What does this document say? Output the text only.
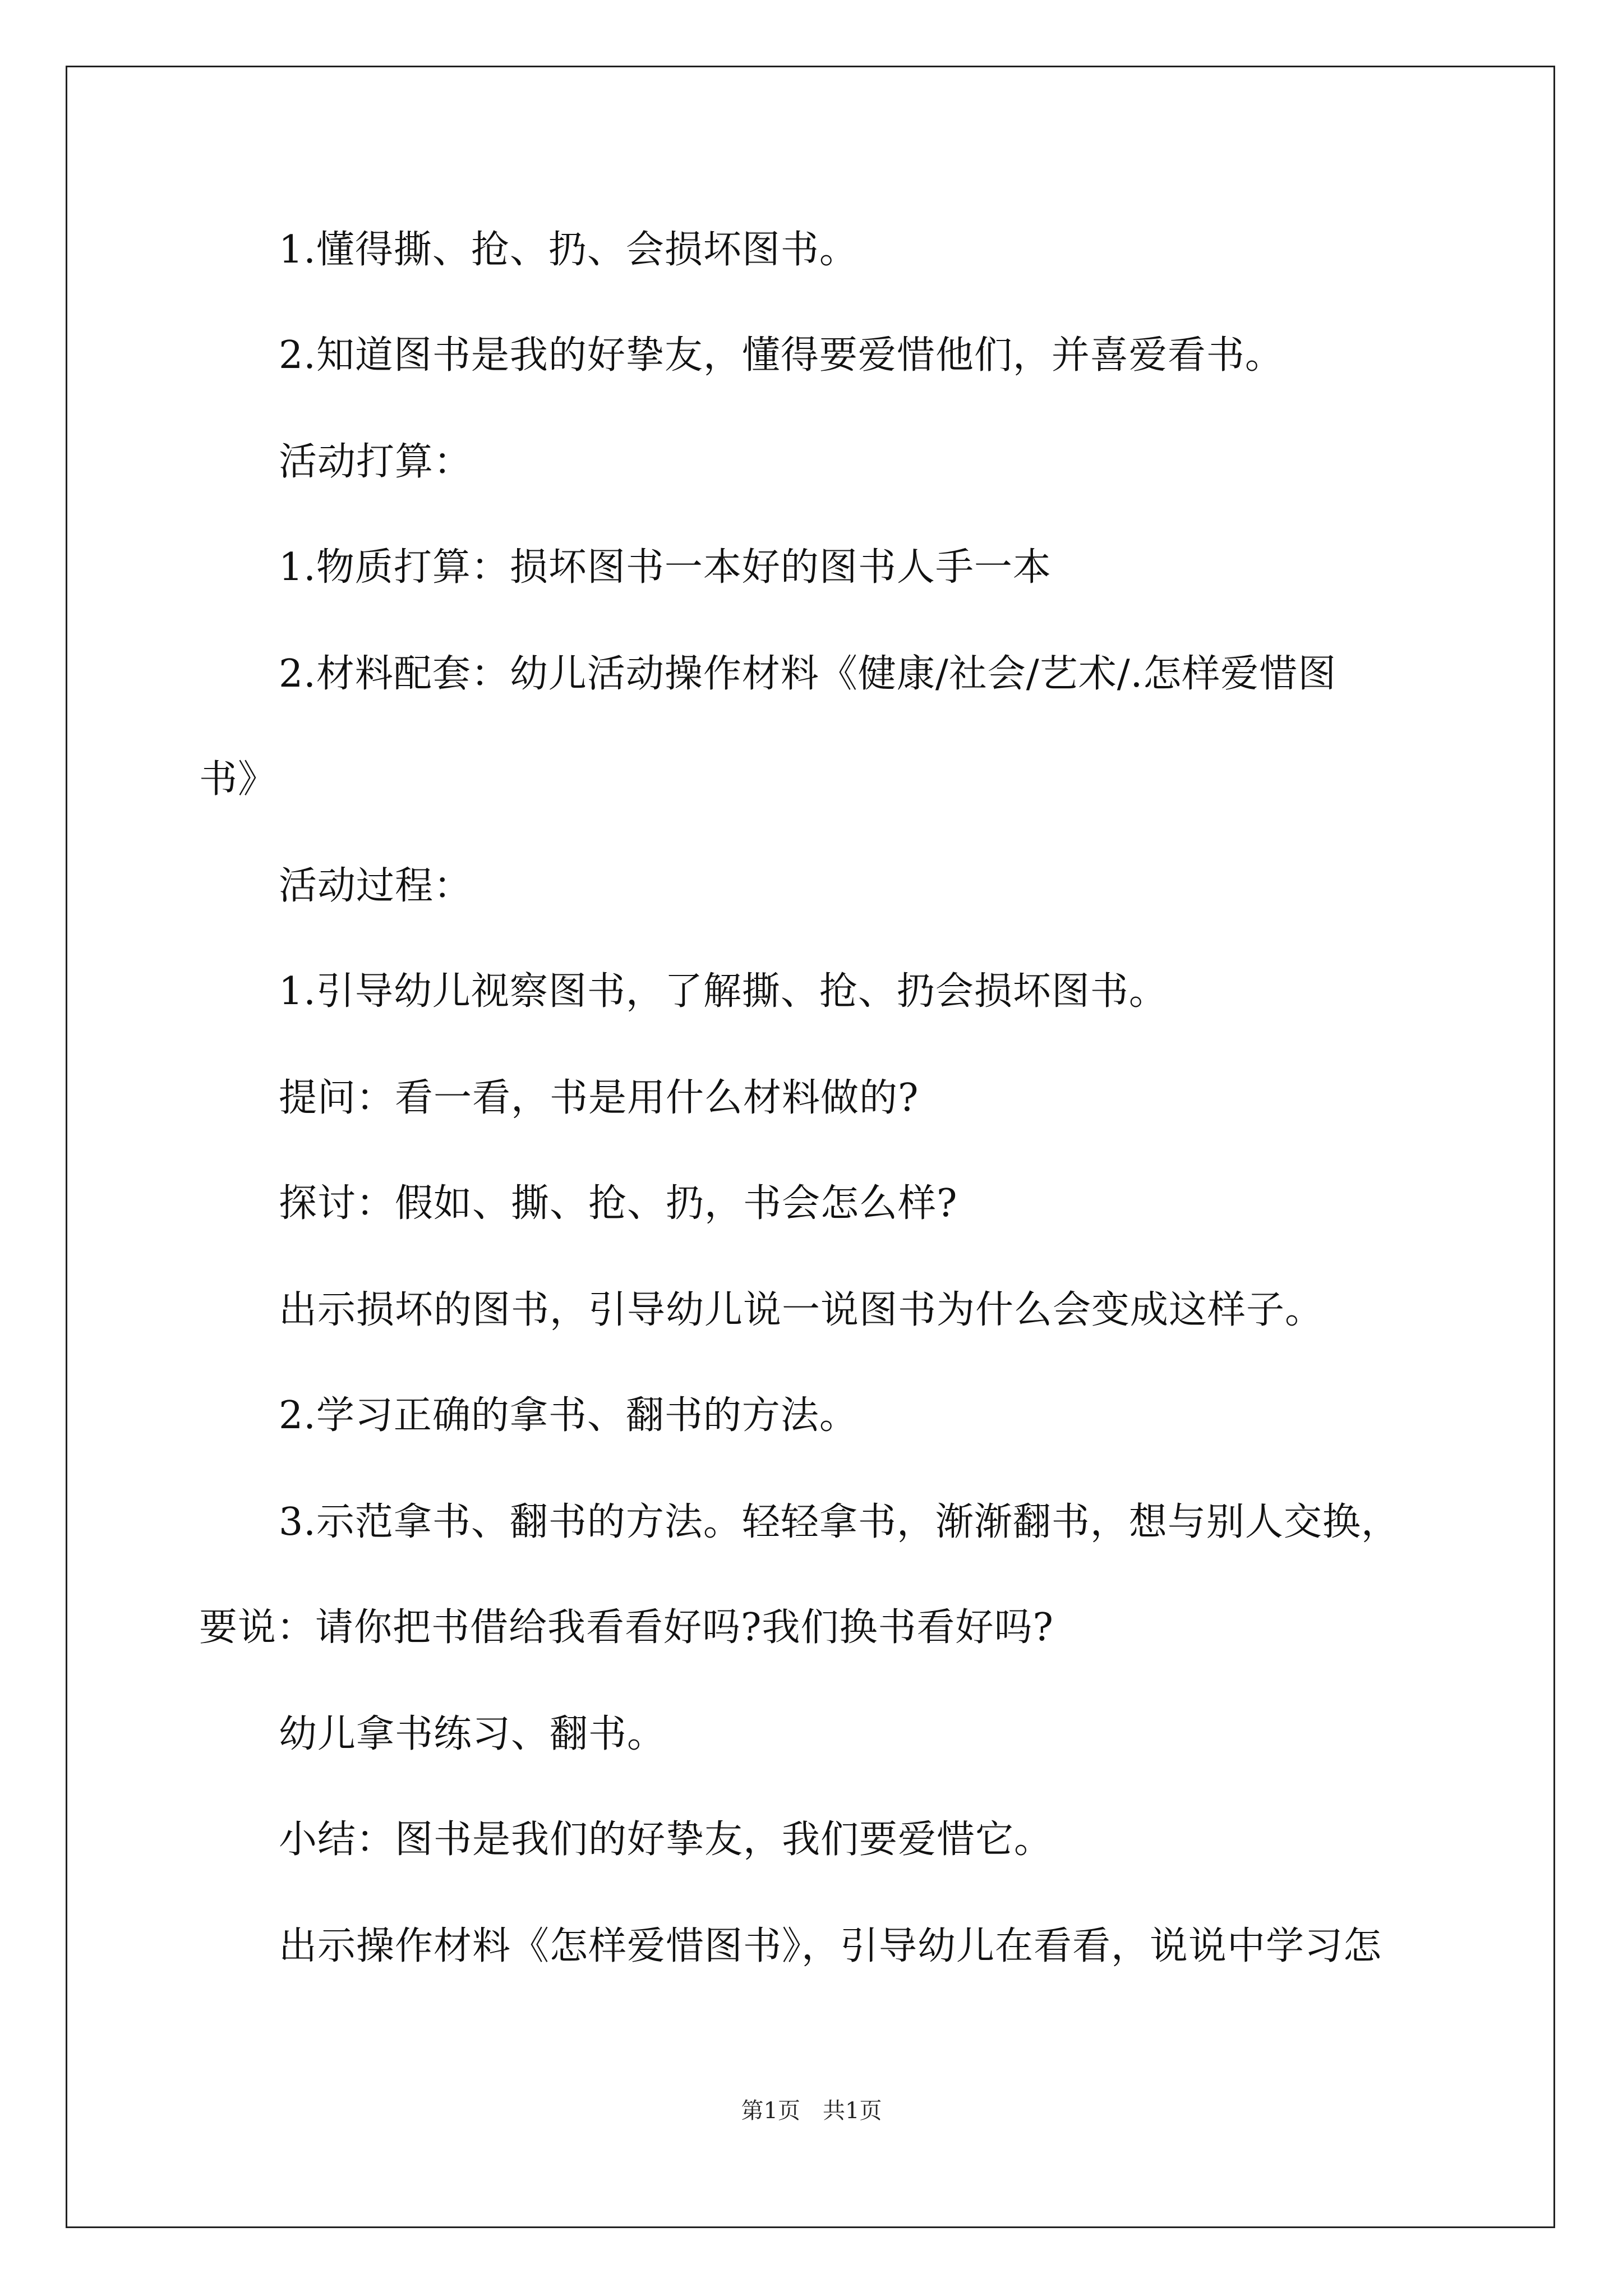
1.懂得撕、抢、扔、会损坏图书。

2.知道图书是我的好挚友，懂得要爱惜他们，并喜爱看书。

活动打算：

1.物质打算：损坏图书一本好的图书人手一本

2.材料配套：幼儿活动操作材料《健康/社会/艺术/.怎样爱惜图

书》

活动过程：

1.引导幼儿视察图书，了解撕、抢、扔会损坏图书。

提问：看一看，书是用什么材料做的?

探讨：假如、撕、抢、扔，书会怎么样?

出示损坏的图书，引导幼儿说一说图书为什么会变成这样子。

2.学习正确的拿书、翻书的方法。

3.示范拿书、翻书的方法。轻轻拿书，渐渐翻书，想与别人交换，

要说：请你把书借给我看看好吗?我们换书看好吗?

幼儿拿书练习、翻书。

小结：图书是我们的好挚友，我们要爱惜它。

出示操作材料《怎样爱惜图书》，引导幼儿在看看，说说中学习怎

第1页　共1页
